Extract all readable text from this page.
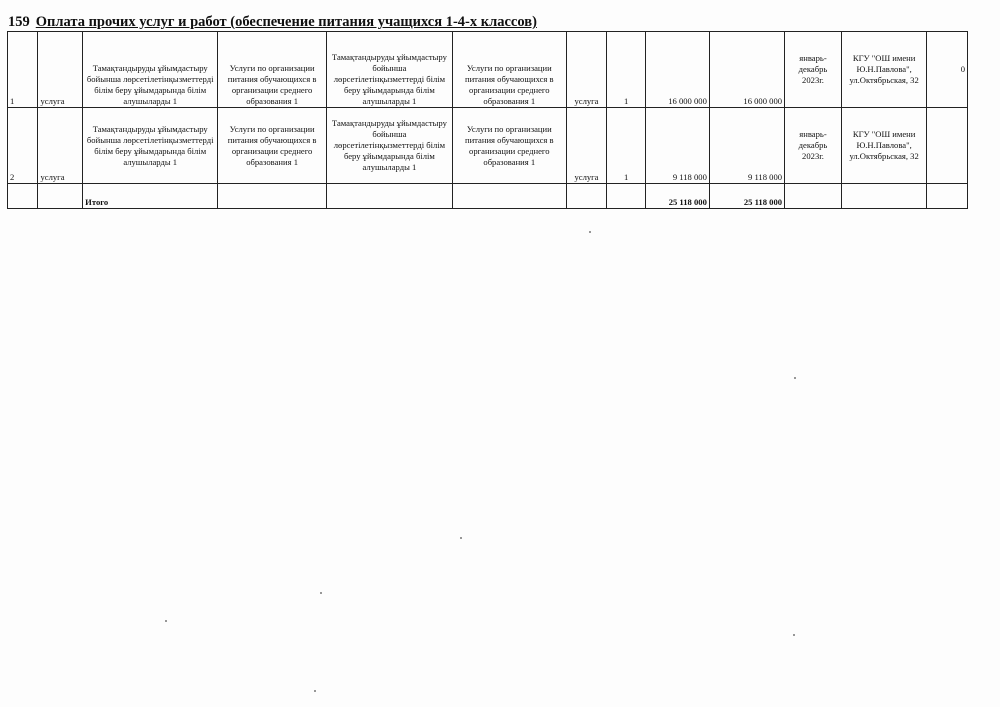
159 Оплата прочих услуг и работ (обеспечение питания учащихся 1-4-х классов)
1	услуга	Тамақтандыруды ұйымдастыру бойынша лөрсетілетінқызметтерді білім беру ұйымдарында білім алушыларды 1	Услуги по организации питания обучающихся в организации среднего образования 1	Тамақтандыруды ұйымдастыру бойынша лөрсетілетінқызметтерді білім беру ұйымдарында білім алушыларды 1	Услуги по организации питания обучающихся в организации среднего образования 1	услуга	1	16 000 000	16 000 000	январь-декабрь 2023г.	КГУ "ОШ имени Ю.Н.Павлова", ул.Октябрьская, 32	0
2	услуга	Тамақтандыруды ұйымдастыру бойынша лөрсетілетінқызметтерді білім беру ұйымдарында білім алушыларды 1	Услуги по организации питания обучающихся в организации среднего образования 1	Тамақтандыруды ұйымдастыру бойынша лөрсетілетінқызметтерді білім беру ұйымдарында білім алушыларды 1	Услуги по организации питания обучающихся в организации среднего образования 1	услуга	1	9 118 000	9 118 000	январь-декабрь 2023г.	КГУ "ОШ имени Ю.Н.Павлова", ул.Октябрьская, 32	
		Итого						25 118 000	25 118 000			
